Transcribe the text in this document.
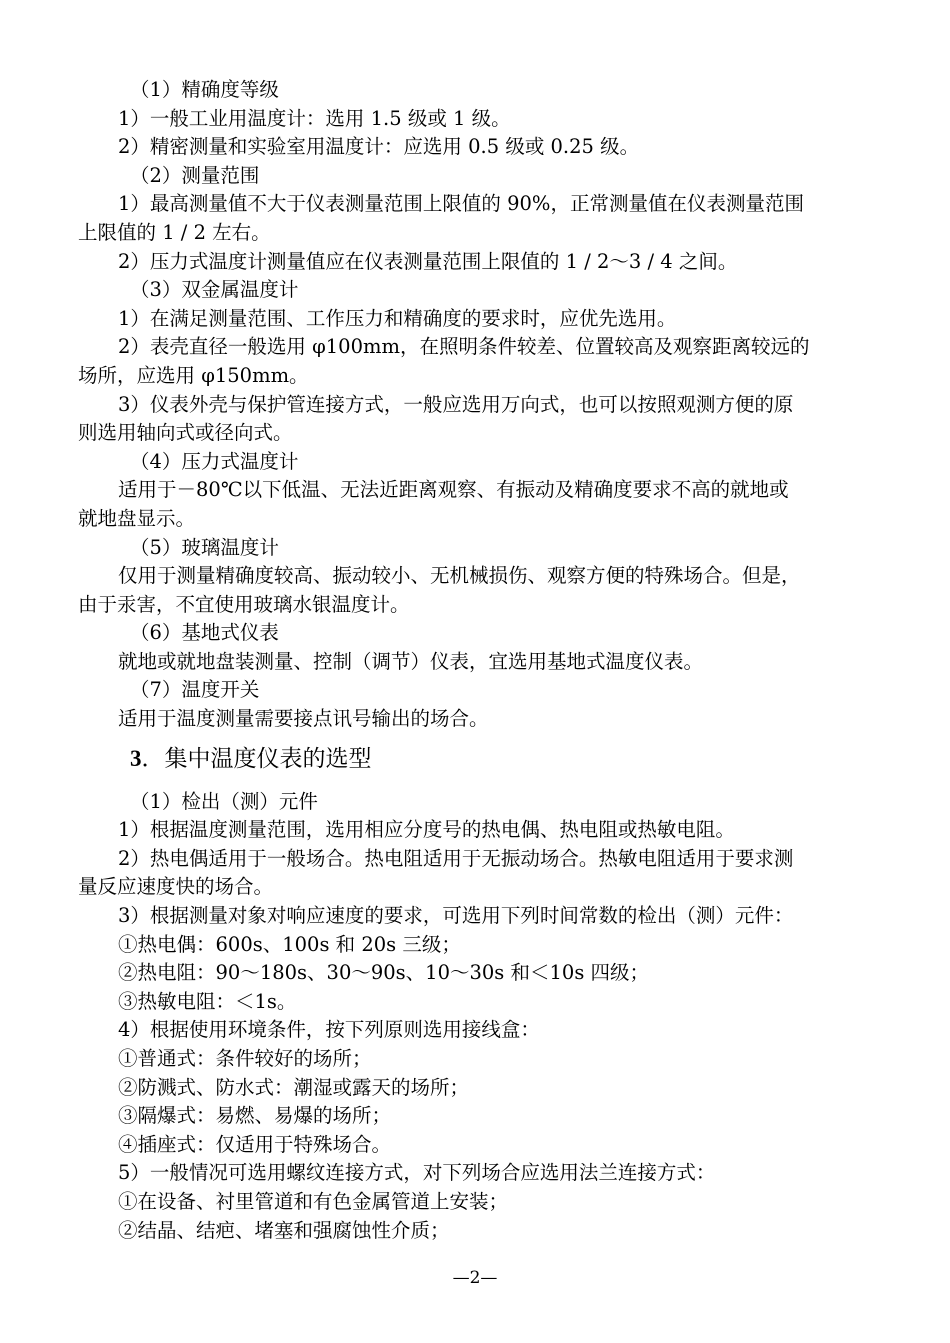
（1）精确度等级
1）一般工业用温度计：选用 1.5 级或 1 级。
2）精密测量和实验室用温度计：应选用 0.5 级或 0.25 级。
（2）测量范围
1）最高测量值不大于仪表测量范围上限值的 90%，正常测量值在仪表测量范围
上限值的 1 / 2 左右。
2）压力式温度计测量值应在仪表测量范围上限值的 1 / 2～3 / 4 之间。
（3）双金属温度计
1）在满足测量范围、工作压力和精确度的要求时，应优先选用。
2）表壳直径一般选用 φ100mm，在照明条件较差、位置较高及观察距离较远的
场所，应选用 φ150mm。
3）仪表外壳与保护管连接方式，一般应选用万向式，也可以按照观测方便的原
则选用轴向式或径向式。
（4）压力式温度计
适用于－80℃以下低温、无法近距离观察、有振动及精确度要求不高的就地或
就地盘显示。
（5）玻璃温度计
仅用于测量精确度较高、振动较小、无机械损伤、观察方便的特殊场合。但是，
由于汞害，不宜使用玻璃水银温度计。
（6）基地式仪表
就地或就地盘装测量、控制（调节）仪表，宜选用基地式温度仪表。
（7）温度开关
适用于温度测量需要接点讯号输出的场合。
3．集中温度仪表的选型
（1）检出（测）元件
1）根据温度测量范围，选用相应分度号的热电偶、热电阻或热敏电阻。
2）热电偶适用于一般场合。热电阻适用于无振动场合。热敏电阻适用于要求测
量反应速度快的场合。
3）根据测量对象对响应速度的要求，可选用下列时间常数的检出（测）元件：
①热电偶：600s、100s 和 20s 三级；
②热电阻：90～180s、30～90s、10～30s 和＜10s 四级；
③热敏电阻：＜1s。
4）根据使用环境条件，按下列原则选用接线盒：
①普通式：条件较好的场所；
②防溅式、防水式：潮湿或露天的场所；
③隔爆式：易燃、易爆的场所；
④插座式：仅适用于特殊场合。
5）一般情况可选用螺纹连接方式，对下列场合应选用法兰连接方式：
①在设备、衬里管道和有色金属管道上安装；
②结晶、结疤、堵塞和强腐蚀性介质；
—2—
